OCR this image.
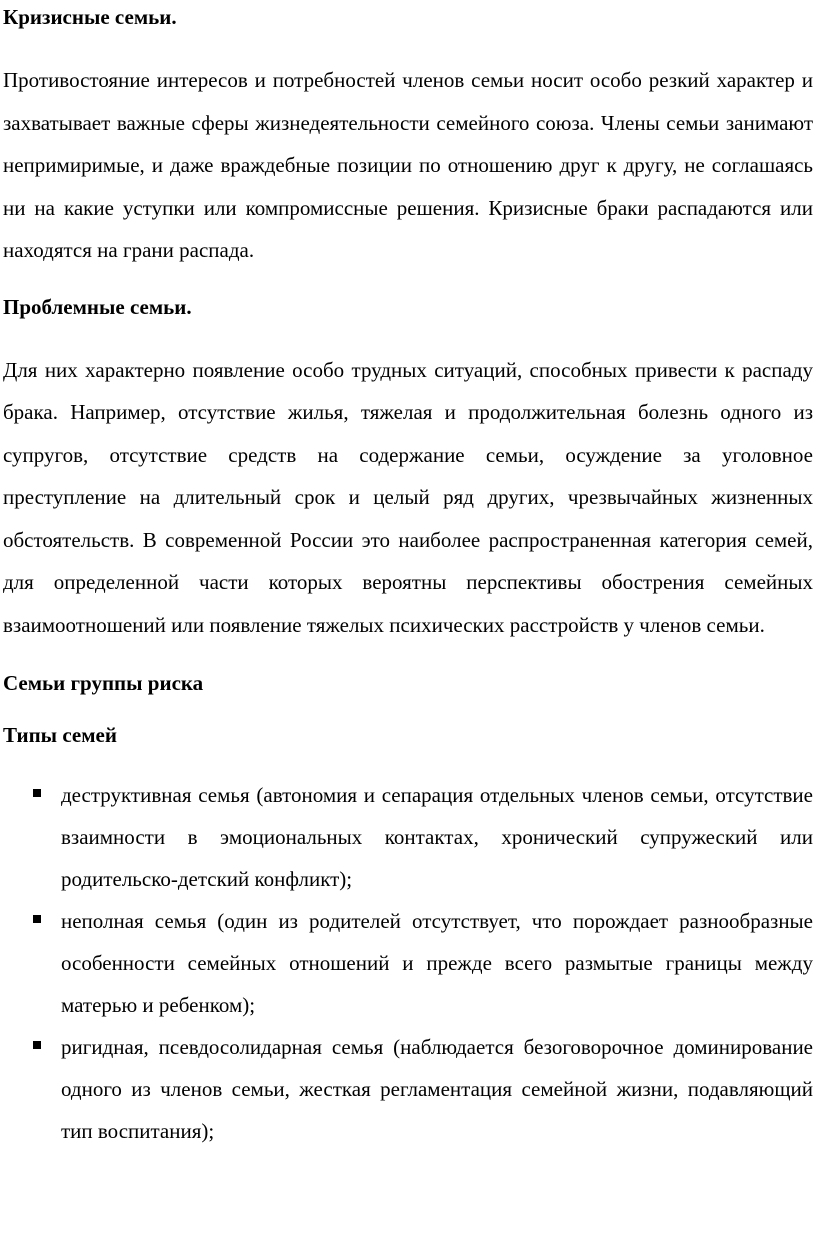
Кризисные семьи.

Противостояние интересов и потребностей членов семьи носит особо резкий характер и захватывает важные сферы жизнедеятельности семейного союза. Члены семьи занимают непримиримые, и даже враждебные позиции по отношению друг к другу, не соглашаясь ни на какие уступки или компромиссные решения. Кризисные браки распадаются или находятся на грани распада.

Проблемные семьи.

Для них характерно появление особо трудных ситуаций, способных привести к распаду брака. Например, отсутствие жилья, тяжелая и продолжительная болезнь одного из супругов, отсутствие средств на содержание семьи, осуждение за уголовное преступление на длительный срок и целый ряд других, чрезвычайных жизненных обстоятельств. В современной России это наиболее распространенная категория семей, для определенной части которых вероятны перспективы обострения семейных взаимоотношений или появление тяжелых психических расстройств у членов семьи.

Семьи группы риска
Типы семей
деструктивная семья (автономия и сепарация отдельных членов семьи, отсутствие взаимности в эмоциональных контактах, хронический супружеский или родительско-детский конфликт);
неполная семья (один из родителей отсутствует, что порождает разнообразные особенности семейных отношений и прежде всего размытые границы между матерью и ребенком);
ригидная, псевдосолидарная семья (наблюдается безоговорочное доминирование одного из членов семьи, жесткая регламентация семейной жизни, подавляющий тип воспитания);
